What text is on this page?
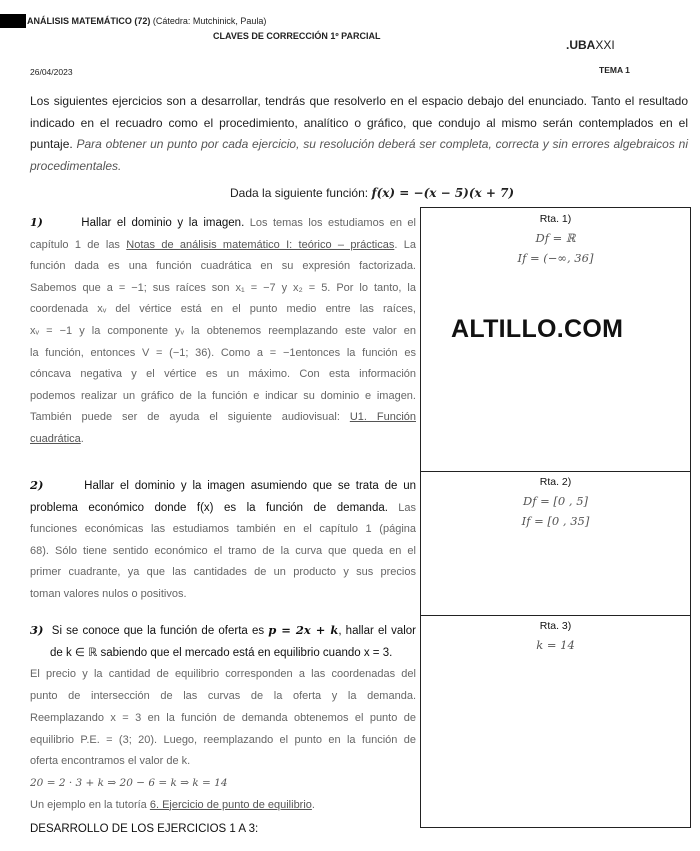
ANÁLISIS MATEMÁTICO (72) (Cátedra: Mutchinick, Paula)
CLAVES DE CORRECCIÓN 1º PARCIAL
.UBAXXI
26/04/2023	TEMA 1
Los siguientes ejercicios son a desarrollar, tendrás que resolverlo en el espacio debajo del enunciado. Tanto el resultado indicado en el recuadro como el procedimiento, analítico o gráfico, que condujo al mismo serán contemplados en el puntaje. Para obtener un punto por cada ejercicio, su resolución deberá ser completa, correcta y sin errores algebraicos ni procedimentales.
Dada la siguiente función: f(x) = −(x − 5)(x + 7)
1)	Hallar el dominio y la imagen. Los temas los estudiamos en el
capítulo 1 de las Notas de análisis matemático I: teórico – prácticas. La
función dada es una función cuadrática en su expresión factorizada.
Sabemos que a = −1; sus raíces son x₁ = −7 y x₂ = 5. Por lo tanto, la
coordenada xᵥ del vértice está en el punto medio entre las raíces,
xᵥ = −1 y la componente yᵥ la obtenemos reemplazando este valor en
la función, entonces V = (−1; 36). Como a = −1entonces la función es
cóncava negativa y el vértice es un máximo. Con esta información
podemos realizar un gráfico de la función e indicar su dominio e imagen.
También puede ser de ayuda el siguiente audiovisual: U1. Función
cuadrática.
2)	Hallar el dominio y la imagen asumiendo que se trata de un
problema económico donde f(x) es la función de demanda. Las
funciones económicas las estudiamos también en el capítulo 1 (página
68). Sólo tiene sentido económico el tramo de la curva que queda en el
primer cuadrante, ya que las cantidades de un producto y sus precios
toman valores nulos o positivos.
3) Si se conoce que la función de oferta es p = 2x + k, hallar el valor
de k ∈ ℝ sabiendo que el mercado está en equilibrio cuando x = 3.
El precio y la cantidad de equilibrio corresponden a las coordenadas del
punto de intersección de las curvas de la oferta y la demanda.
Reemplazando x = 3 en la función de demanda obtenemos el punto de
equilibrio P.E. = (3; 20). Luego, reemplazando el punto en la función de
oferta encontramos el valor de k.
20 = 2 · 3 + k ⇒ 20 − 6 = k ⇒ k = 14
Un ejemplo en la tutoría 6. Ejercicio de punto de equilibrio.
DESARROLLO DE LOS EJERCICIOS 1 A 3:
Rta. 1)
Df = ℝ
If = (−∞, 36]
ALTILLO.COM
Rta. 2)
Df = [0 , 5]
If = [0 , 35]
Rta. 3)
k = 14
